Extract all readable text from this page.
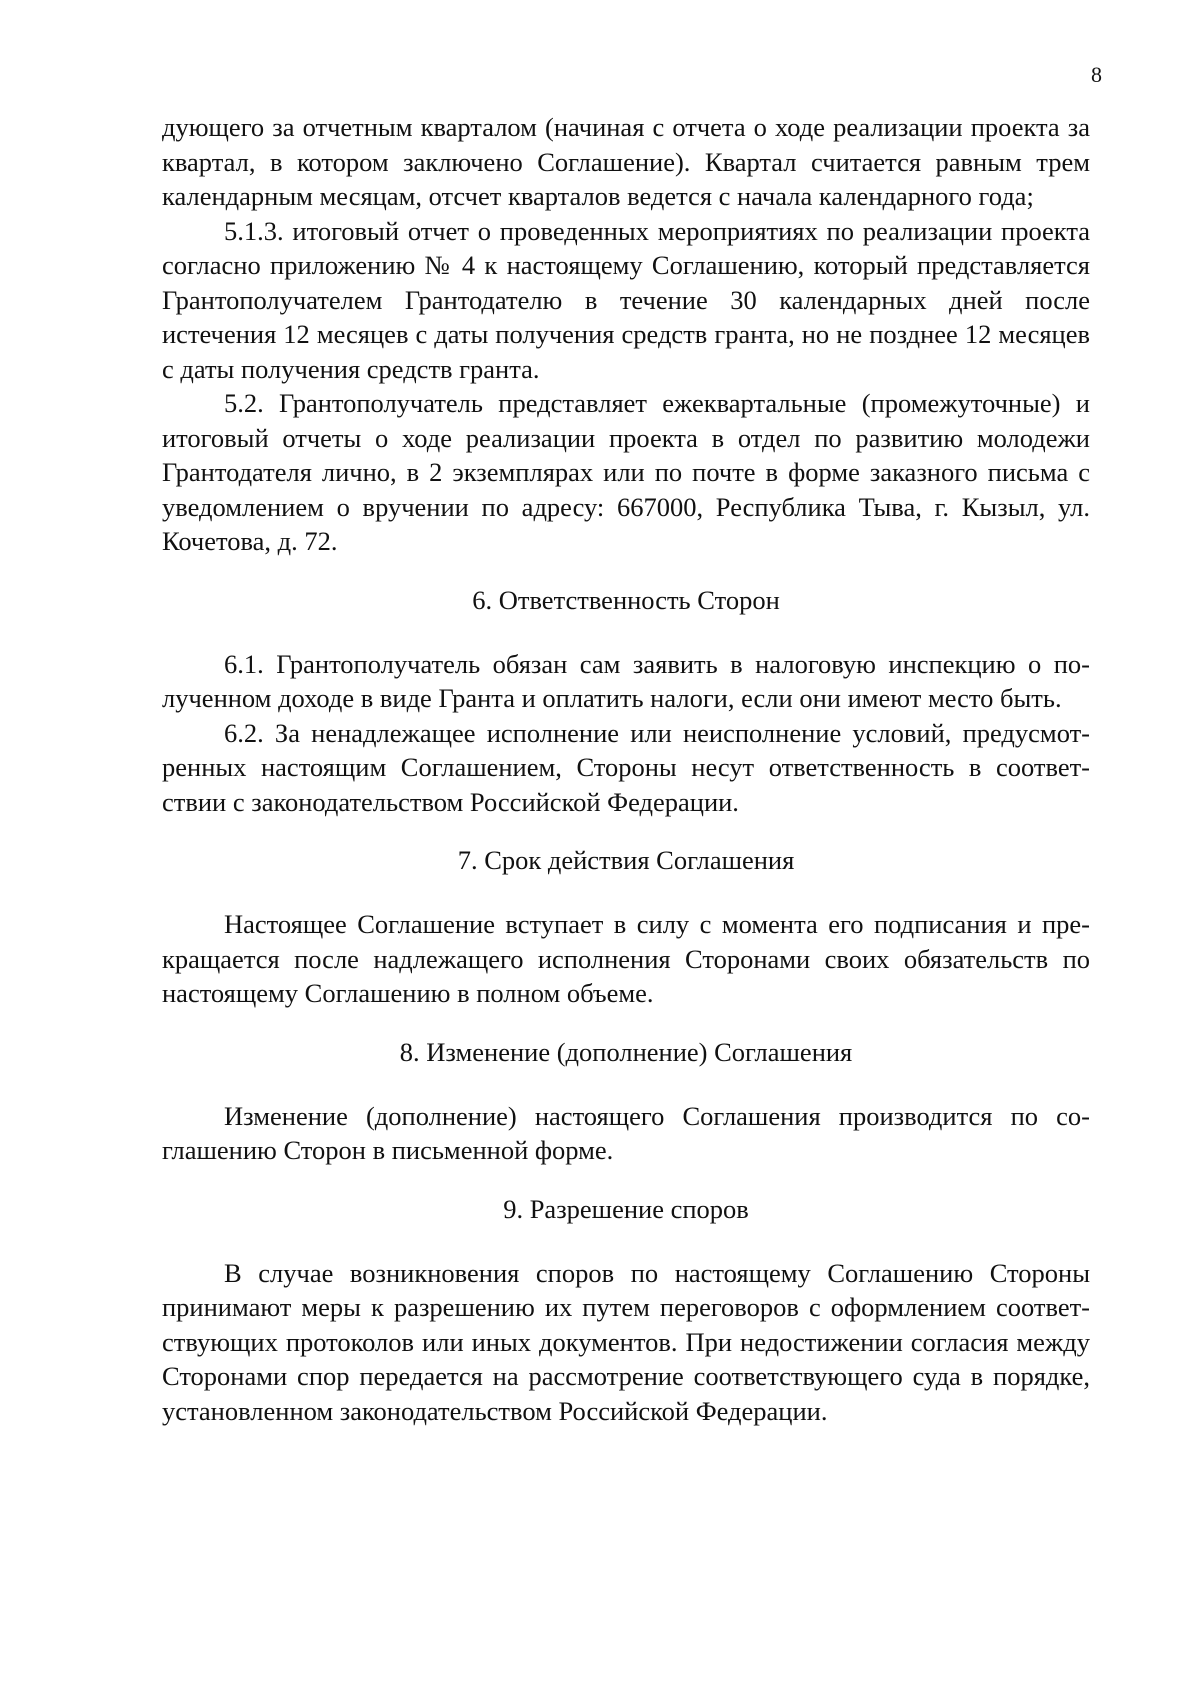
8

дующего за отчетным кварталом (начиная с отчета о ходе реализации проекта за квартал, в котором заключено Соглашение). Квартал считается равным трем календарным месяцам, отсчет кварталов ведется с начала календарного года;

5.1.3. итоговый отчет о проведенных мероприятиях по реализации проекта согласно приложению № 4 к настоящему Соглашению, который представляется Грантополучателем Грантодателю в течение 30 календарных дней после истечения 12 месяцев с даты получения средств гранта, но не позднее 12 месяцев с даты получения средств гранта.

5.2. Грантополучатель представляет ежеквартальные (промежуточные) и итоговый отчеты о ходе реализации проекта в отдел по развитию молодежи Грантодателя лично, в 2 экземплярах или по почте в форме заказного письма с уведомлением о вручении по адресу: 667000, Республика Тыва, г. Кызыл, ул. Кочетова, д. 72.

6. Ответственность Сторон

6.1. Грантополучатель обязан сам заявить в налоговую инспекцию о полученном доходе в виде Гранта и оплатить налоги, если они имеют место быть.

6.2. За ненадлежащее исполнение или неисполнение условий, предусмотренных настоящим Соглашением, Стороны несут ответственность в соответствии с законодательством Российской Федерации.

7. Срок действия Соглашения

Настоящее Соглашение вступает в силу с момента его подписания и прекращается после надлежащего исполнения Сторонами своих обязательств по настоящему Соглашению в полном объеме.

8. Изменение (дополнение) Соглашения

Изменение (дополнение) настоящего Соглашения производится по соглашению Сторон в письменной форме.

9. Разрешение споров

В случае возникновения споров по настоящему Соглашению Стороны принимают меры к разрешению их путем переговоров с оформлением соответствующих протоколов или иных документов. При недостижении согласия между Сторонами спор передается на рассмотрение соответствующего суда в порядке, установленном законодательством Российской Федерации.
